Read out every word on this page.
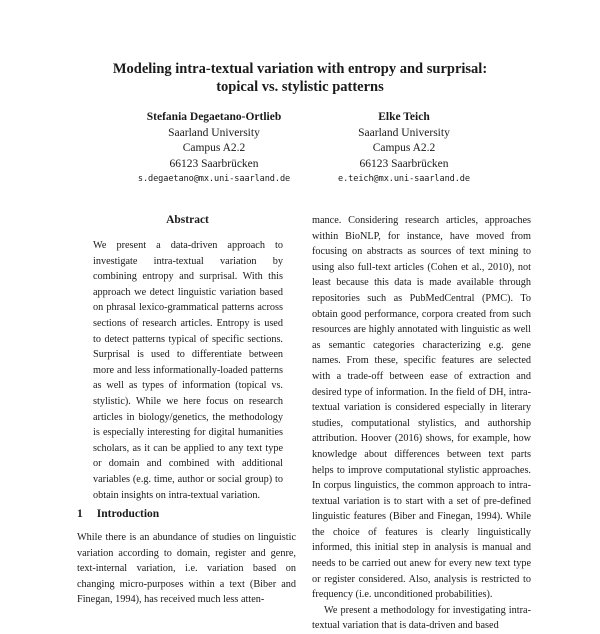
Modeling intra-textual variation with entropy and surprisal:
topical vs. stylistic patterns
Stefania Degaetano-Ortlieb
Saarland University
Campus A2.2
66123 Saarbrücken
s.degaetano@mx.uni-saarland.de
Elke Teich
Saarland University
Campus A2.2
66123 Saarbrücken
e.teich@mx.uni-saarland.de
Abstract

We present a data-driven approach to investigate intra-textual variation by combining entropy and surprisal. With this approach we detect linguistic variation based on phrasal lexico-grammatical patterns across sections of research articles. Entropy is used to detect patterns typical of specific sections. Surprisal is used to differentiate between more and less informationally-loaded patterns as well as types of information (topical vs. stylistic). While we here focus on research articles in biology/genetics, the methodology is especially interesting for digital humanities scholars, as it can be applied to any text type or domain and combined with additional variables (e.g. time, author or social group) to obtain insights on intra-textual variation.

1 Introduction

While there is an abundance of studies on linguistic variation according to domain, register and genre, text-internal variation, i.e. variation based on changing micro-purposes within a text (Biber and Finegan, 1994), has received much less atten-

mance. Considering research articles, approaches within BioNLP, for instance, have moved from focusing on abstracts as sources of text mining to using also full-text articles (Cohen et al., 2010), not least because this data is made available through repositories such as PubMedCentral (PMC). To obtain good performance, corpora created from such resources are highly annotated with linguistic as well as semantic categories characterizing e.g. gene names. From these, specific features are selected with a trade-off between ease of extraction and desired type of information. In the field of DH, intra-textual variation is considered especially in literary studies, computational stylistics, and authorship attribution. Hoover (2016) shows, for example, how knowledge about differences between text parts helps to improve computational stylistic approaches. In corpus linguistics, the common approach to intra-textual variation is to start with a set of pre-defined linguistic features (Biber and Finegan, 1994). While the choice of features is clearly linguistically informed, this initial step in analysis is manual and needs to be carried out anew for every new text type or register considered. Also, analysis is restricted to frequency (i.e. unconditioned probabilities).

We present a methodology for investigating intra-textual variation that is data-driven and based
